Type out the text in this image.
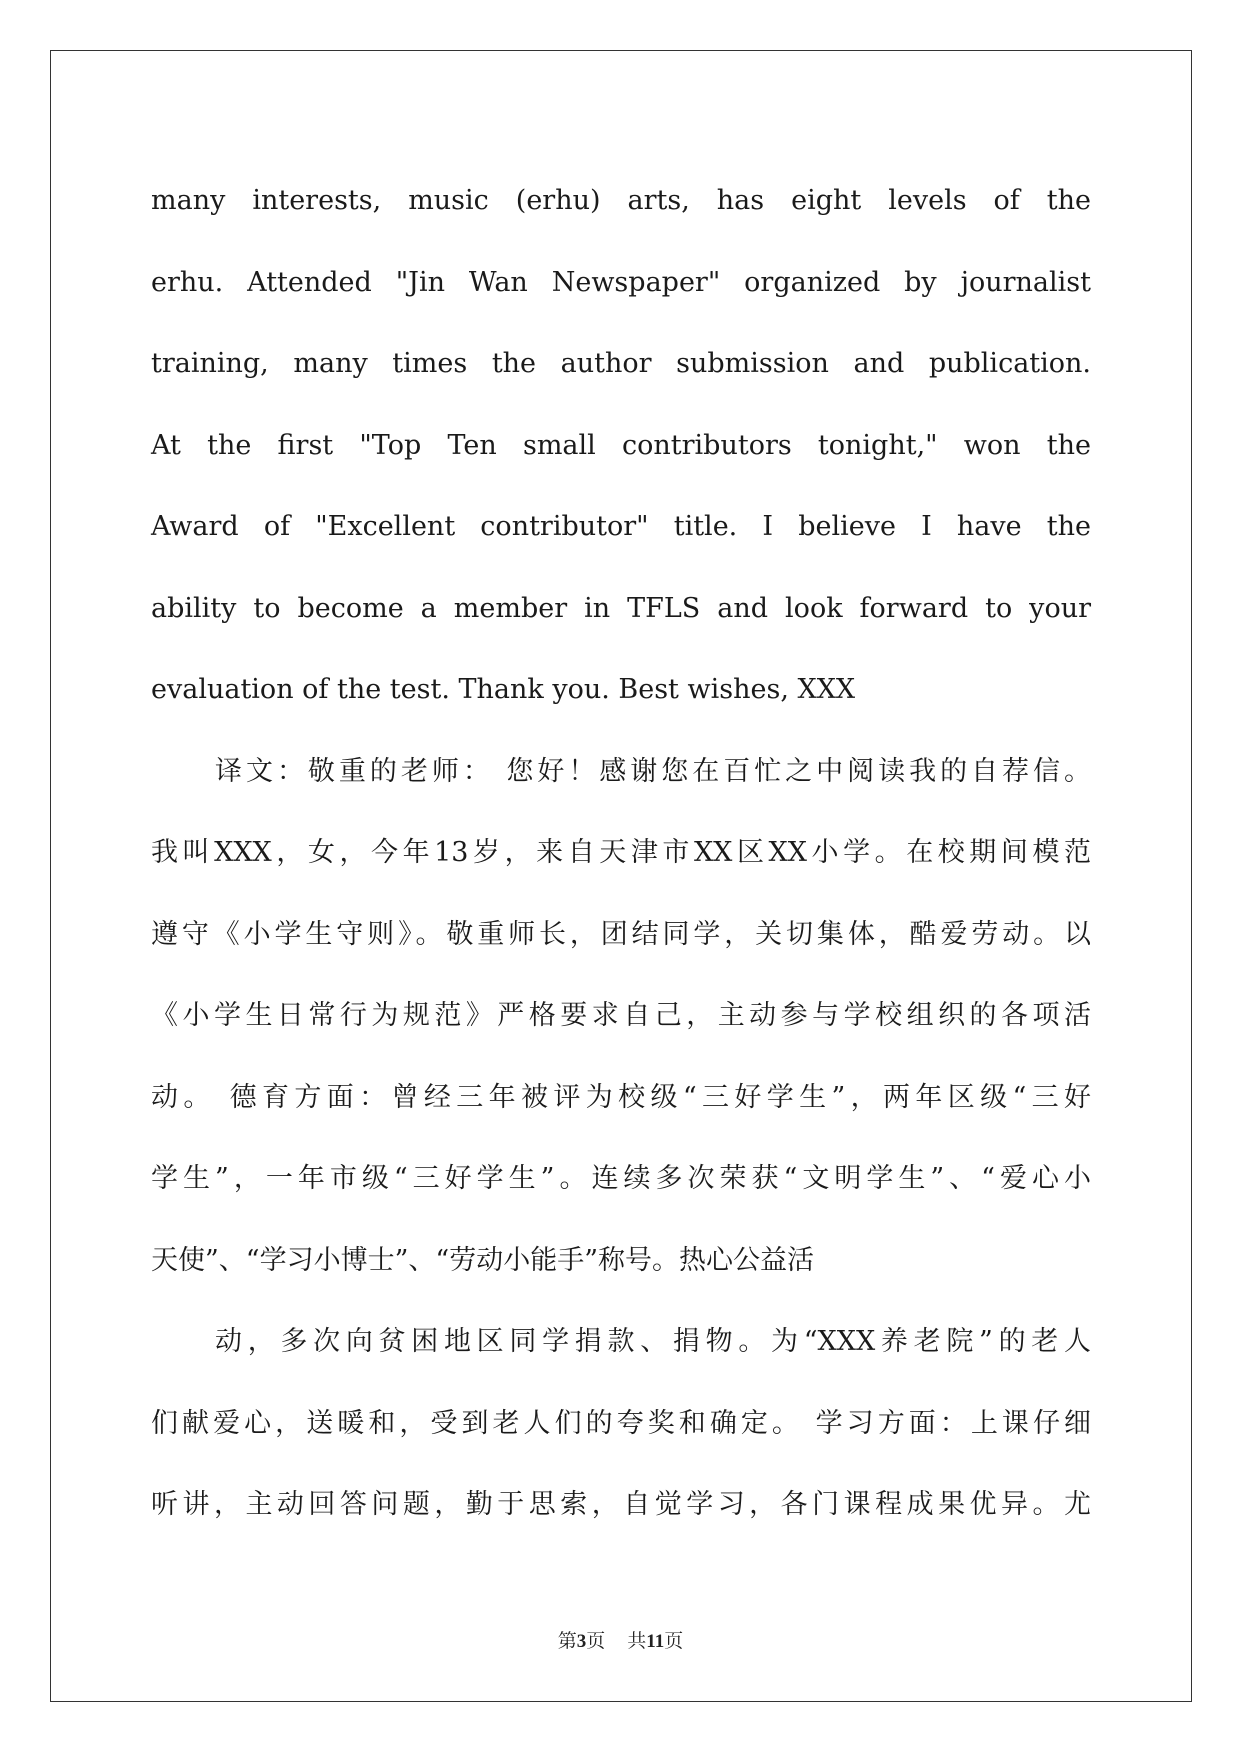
many interests, music (erhu) arts, has eight levels of the
erhu. Attended "Jin Wan Newspaper" organized by journalist
training, many times the author submission and publication.
At the first "Top Ten small contributors tonight," won the
Award of "Excellent contributor" title. I believe I have the
ability to become a member in TFLS and look forward to your
evaluation of the test. Thank you. Best wishes, XXX
译文：敬重的老师： 您好！感谢您在百忙之中阅读我的自荐信。
我叫XXX，女，今年13岁，来自天津市XX区XX小学。在校期间模范
遵守《小学生守则》。敬重师长，团结同学，关切集体，酷爱劳动。以
《小学生日常行为规范》严格要求自己，主动参与学校组织的各项活
动。 德育方面：曾经三年被评为校级“三好学生”，两年区级“三好
学生”，一年市级“三好学生”。连续多次荣获“文明学生”、“爱心小
天使”、“学习小博士”、“劳动小能手”称号。热心公益活
动，多次向贫困地区同学捐款、捐物。为“XXX养老院”的老人
们献爱心，送暖和，受到老人们的夸奖和确定。 学习方面：上课仔细
听讲，主动回答问题，勤于思索，自觉学习，各门课程成果优异。尤
第3页 共11页
